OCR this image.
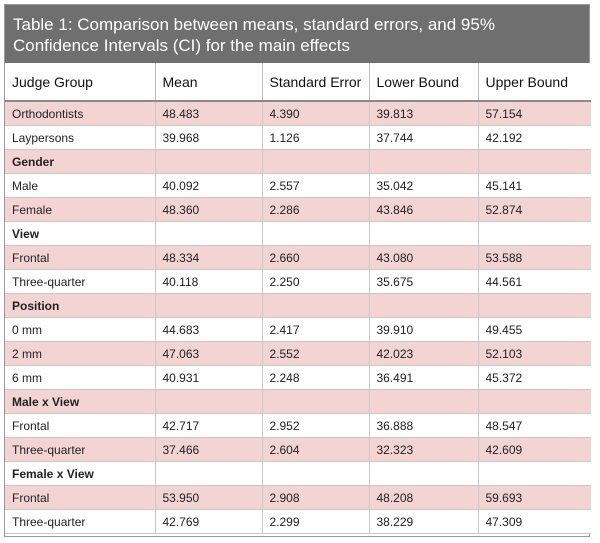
Table 1: Comparison between means, standard errors, and 95% Confidence Intervals (CI) for the main effects
Judge Group	Mean	Standard Error	Lower Bound	Upper Bound
Orthodontists	48.483	4.390	39.813	57.154
Laypersons	39.968	1.126	37.744	42.192
Gender				
Male	40.092	2.557	35.042	45.141
Female	48.360	2.286	43.846	52.874
View				
Frontal	48.334	2.660	43.080	53.588
Three-quarter	40.118	2.250	35.675	44.561
Position				
0 mm	44.683	2.417	39.910	49.455
2 mm	47.063	2.552	42.023	52.103
6 mm	40.931	2.248	36.491	45.372
Male x View				
Frontal	42.717	2.952	36.888	48.547
Three-quarter	37.466	2.604	32.323	42.609
Female x View				
Frontal	53.950	2.908	48.208	59.693
Three-quarter	42.769	2.299	38.229	47.309
